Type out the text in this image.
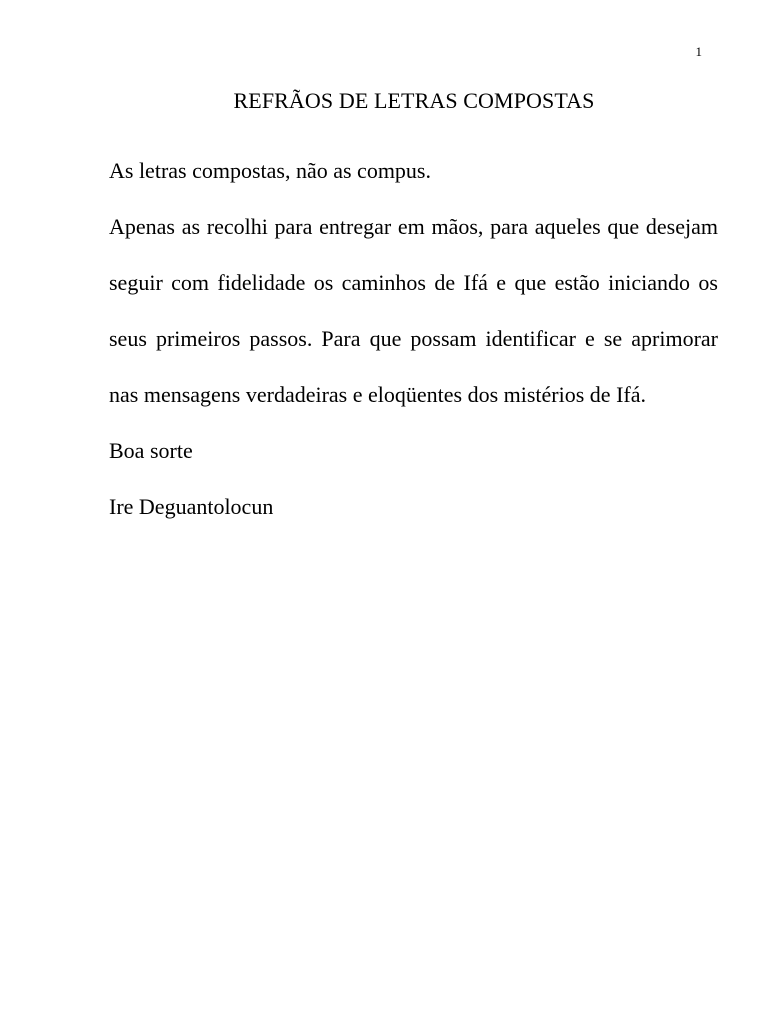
1
REFRÃOS DE LETRAS COMPOSTAS

As letras compostas, não as compus.

Apenas as recolhi para entregar em mãos, para aqueles que desejam seguir com fidelidade os caminhos de Ifá e que estão iniciando os seus primeiros passos. Para que possam identificar e se aprimorar nas mensagens verdadeiras e eloqüentes dos mistérios de Ifá.

Boa sorte

Ire Deguantolocun
